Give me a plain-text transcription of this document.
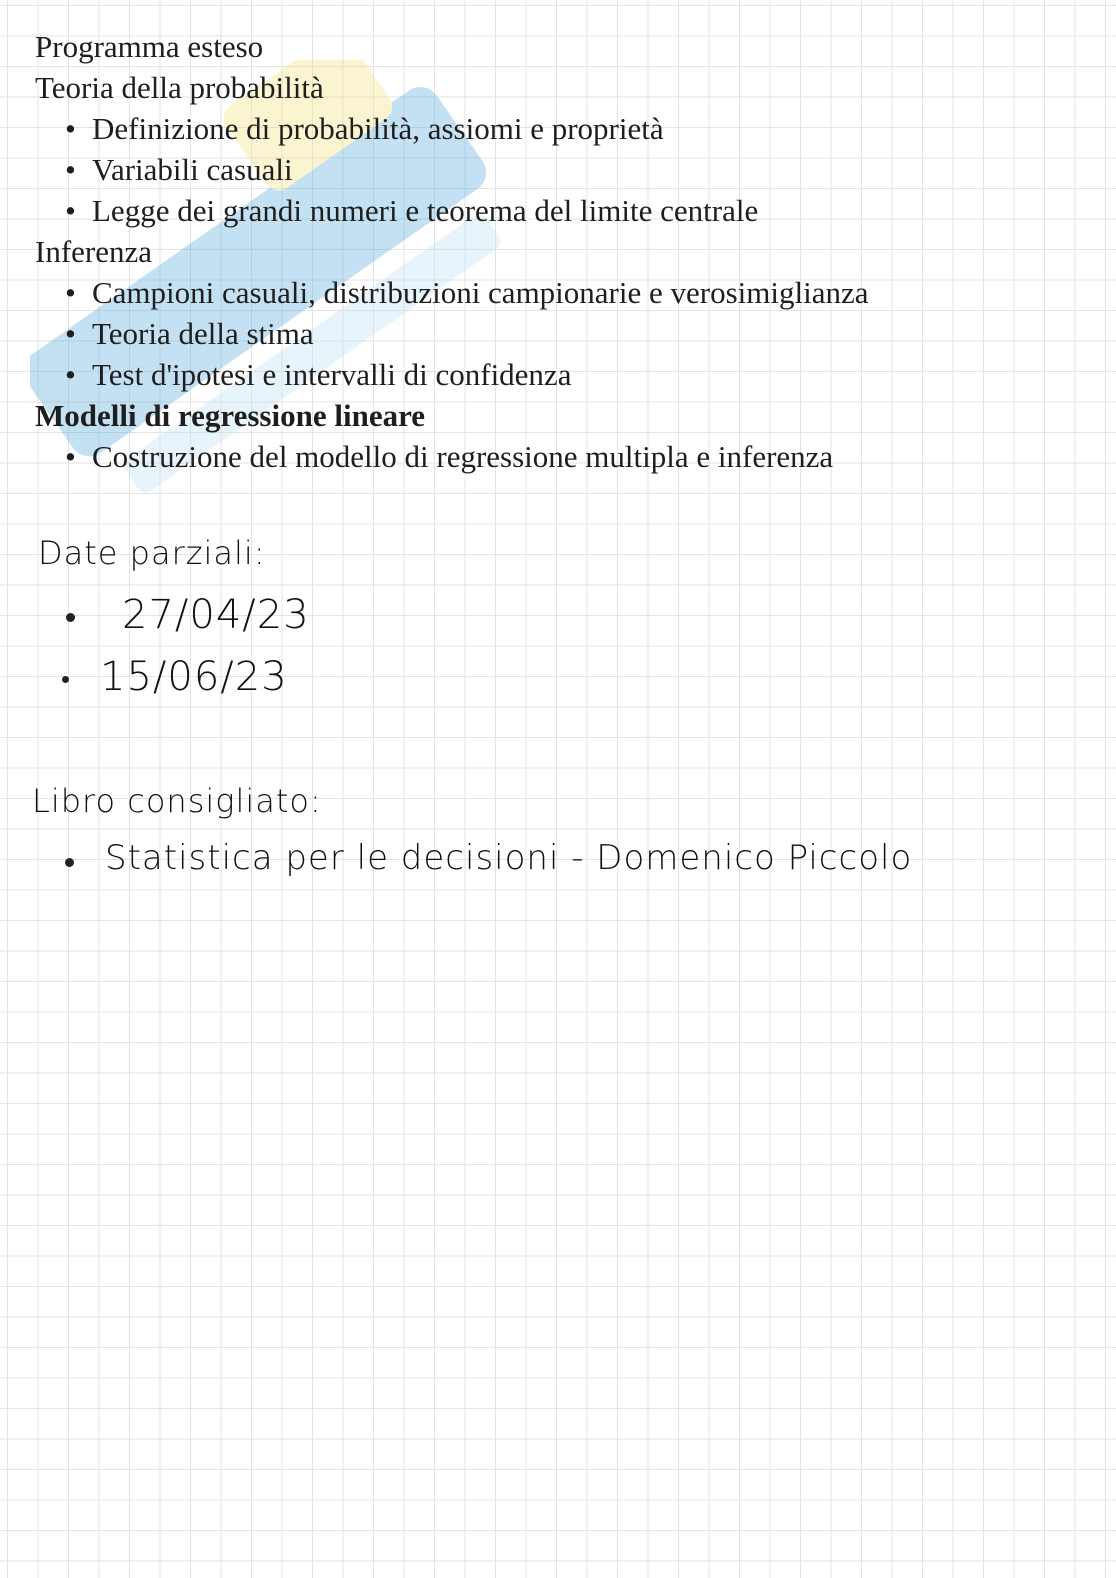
Programma esteso
Teoria della probabilità
• Definizione di probabilità, assiomi e proprietà
• Variabili casuali
• Legge dei grandi numeri e teorema del limite centrale
Inferenza
• Campioni casuali, distribuzioni campionarie e verosimiglianza
• Teoria della stima
• Test d'ipotesi e intervalli di confidenza
Modelli di regressione lineare
• Costruzione del modello di regressione multipla e inferenza
Date parziali:
27/04/23
15/06/23
Libro consigliato:
Statistica per le decisioni - Domenico Piccolo
